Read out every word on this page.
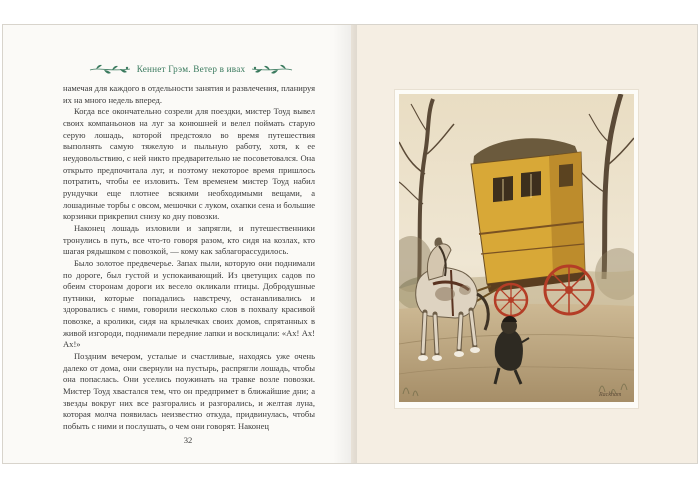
Кеннет Грэм. Ветер в ивах

намечая для каждого в отдельности занятия и развлечения, планируя их на много недель вперед.

Когда все окончательно созрели для поездки, мистер Тоуд вывел своих компаньонов на луг за конюшней и велел поймать старую серую лошадь, которой предстояло во время путешествия выполнять самую тяжелую и пыльную работу, хотя, к ее неудовольствию, с ней никто предварительно не посоветовался. Она открыто предпочитала луг, и поэтому некоторое время пришлось потратить, чтобы ее изловить. Тем временем мистер Тоуд набил рундучки еще плотнее всякими необходимыми вещами, а лошадиные торбы с овсом, мешочки с луком, охапки сена и большие корзинки прикрепил снизу ко дну повозки.

Наконец лошадь изловили и запрягли, и путешественники тронулись в путь, все что-то говоря разом, кто сидя на козлах, кто шагая рядышком с повозкой, — кому как заблагорассудилось.

Было золотое предвечерье. Запах пыли, которую они поднимали по дороге, был густой и успокаивающий. Из цветущих садов по обеим сторонам дороги их весело окликали птицы. Добродушные путники, которые попадались навстречу, останавливались и здоровались с ними, говорили несколько слов в похвалу красивой повозке, а кролики, сидя на крылечках своих домов, спрятанных в живой изгороди, поднимали передние лапки и восклицали: «Ах! Ах! Ах!»

Поздним вечером, усталые и счастливые, находясь уже очень далеко от дома, они свернули на пустырь, распрягли лошадь, чтобы она попаслась. Они уселись поужинать на травке возле повозки. Мистер Тоуд хвастался тем, что он предпримет в ближайшие дни; а звезды вокруг них все разгорались и разгорались, и желтая луна, которая молча появилась неизвестно откуда, придвинулась, чтобы побыть с ними и послушать, о чем они говорят. Наконец

32
Rackham
